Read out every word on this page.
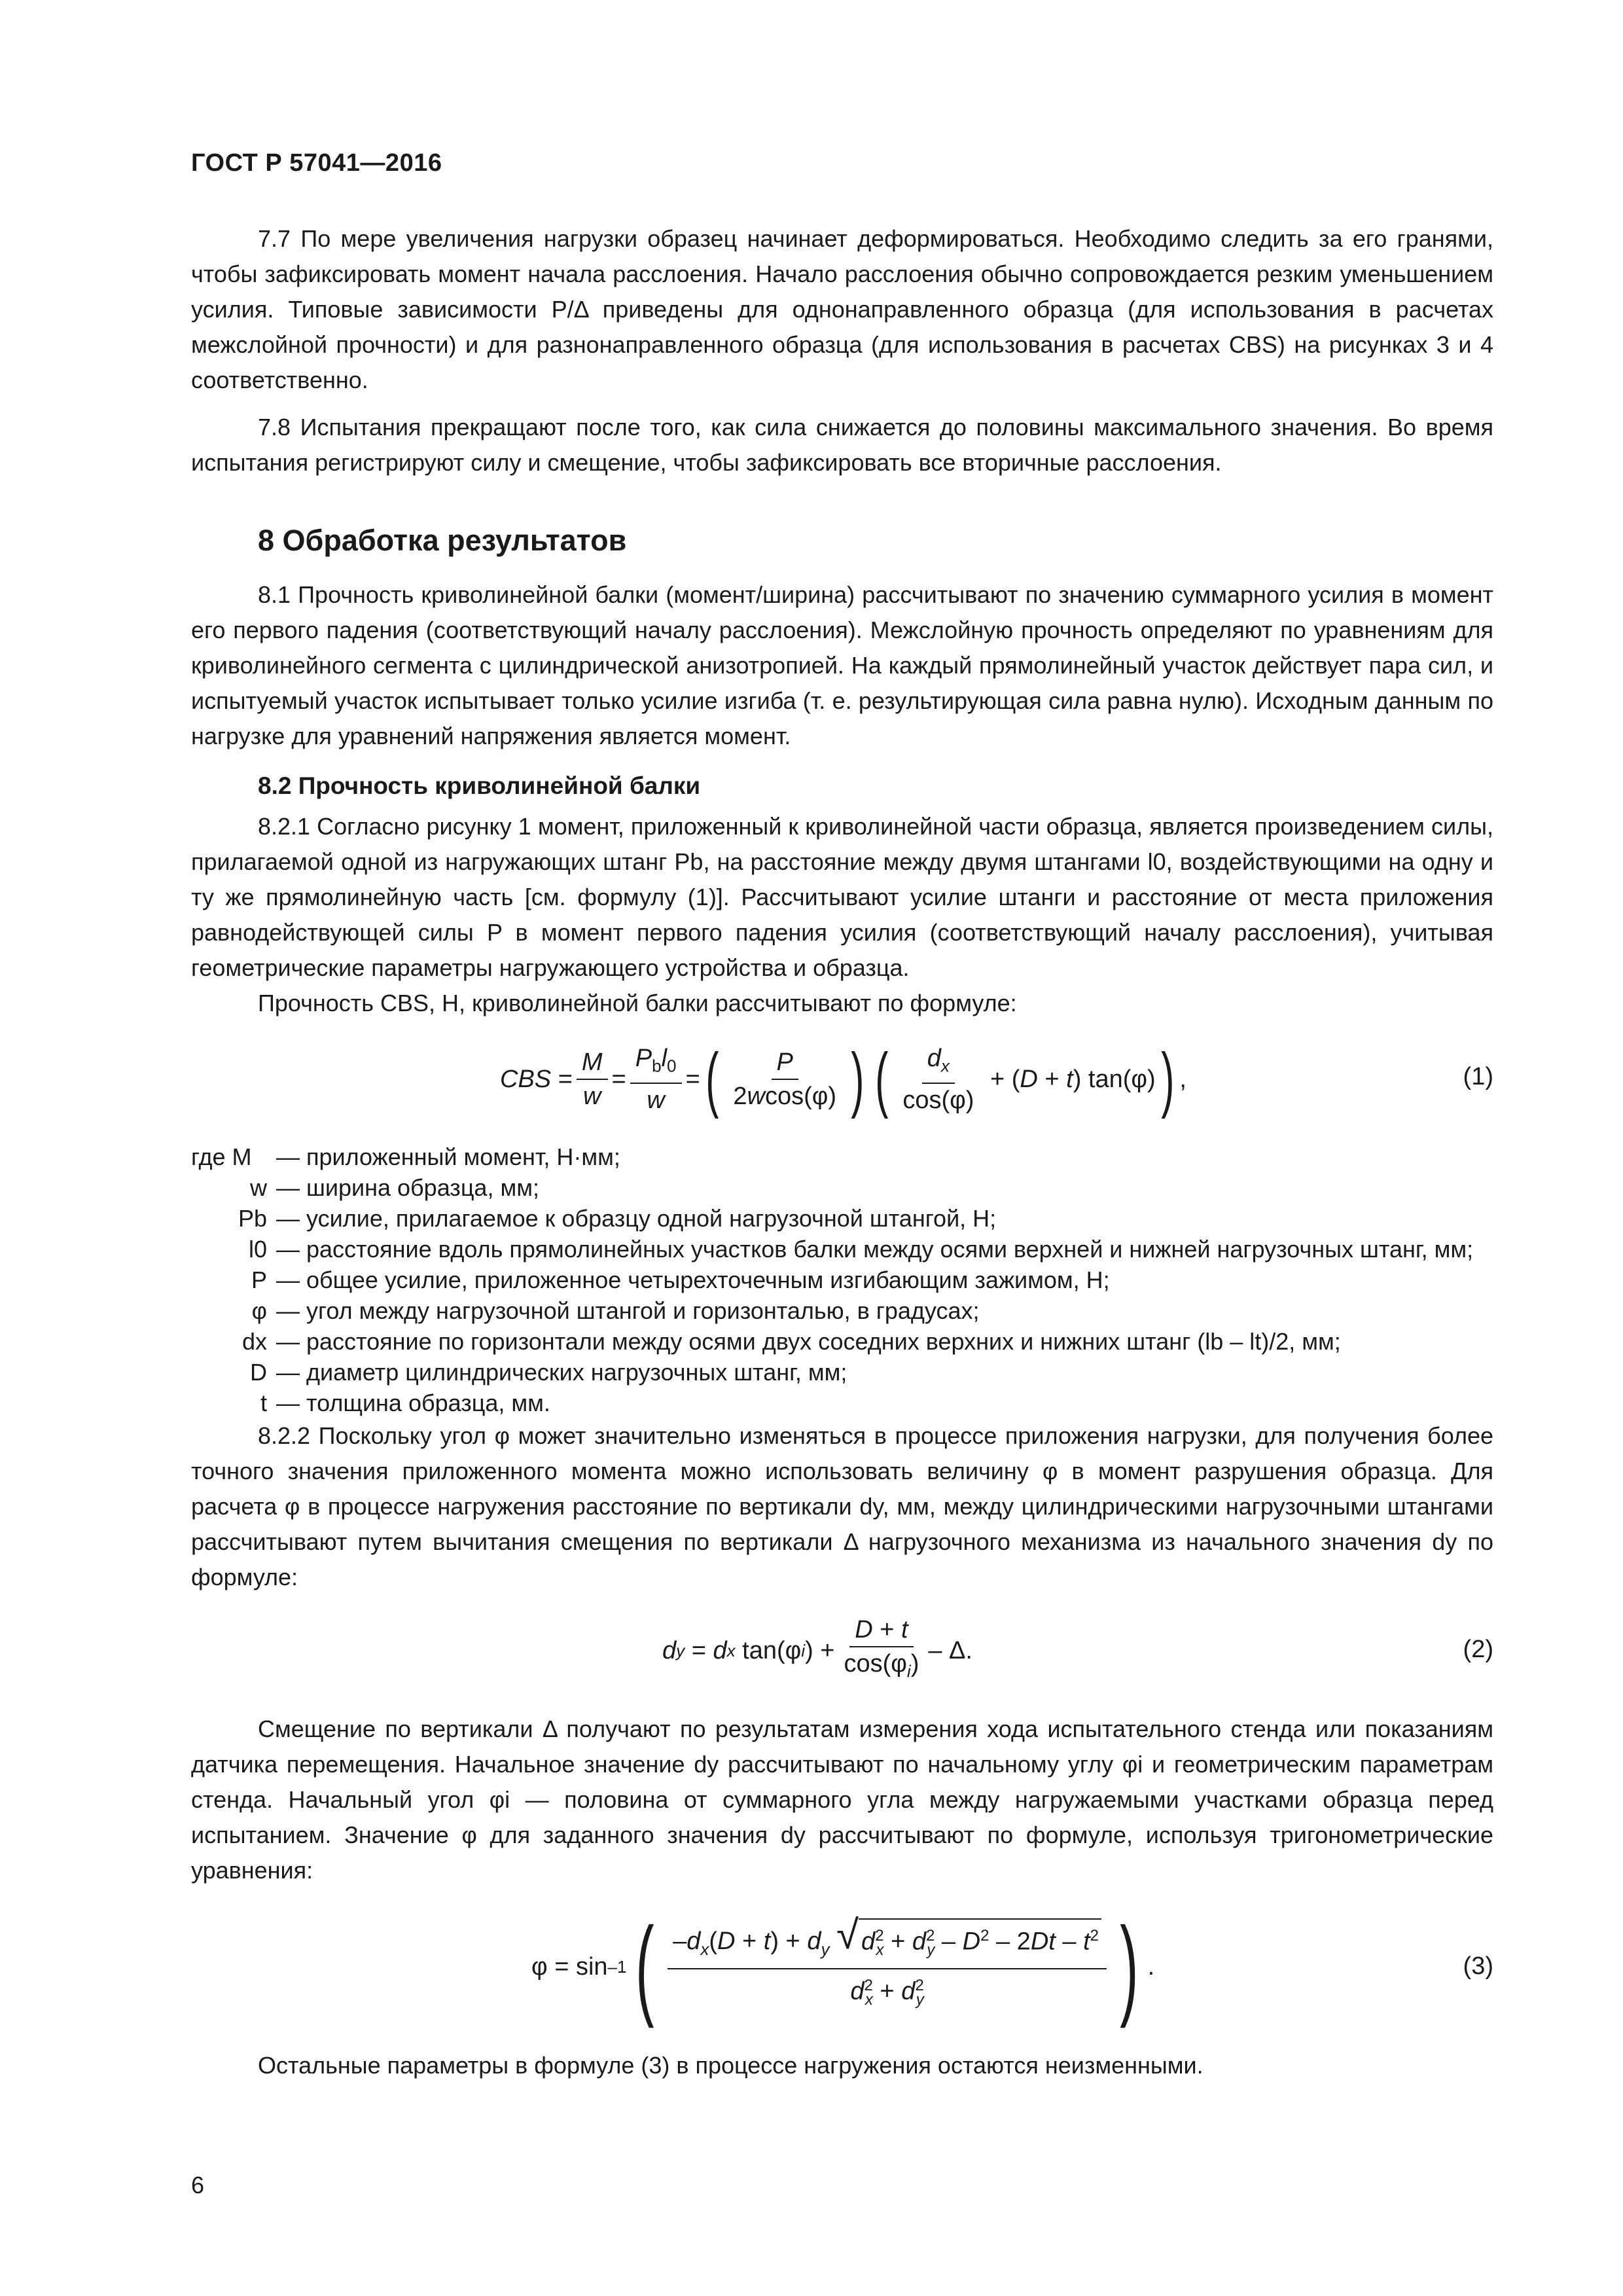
ГОСТ Р 57041—2016

7.7 По мере увеличения нагрузки образец начинает деформироваться. Необходимо следить за его гранями, чтобы зафиксировать момент начала расслоения. Начало расслоения обычно сопровождается резким уменьшением усилия. Типовые зависимости P/Δ приведены для однонаправленного образца (для использования в расчетах межслойной прочности) и для разнонаправленного образца (для использования в расчетах CBS) на рисунках 3 и 4 соответственно.

7.8 Испытания прекращают после того, как сила снижается до половины максимального значения. Во время испытания регистрируют силу и смещение, чтобы зафиксировать все вторичные расслоения.

8 Обработка результатов

8.1 Прочность криволинейной балки (момент/ширина) рассчитывают по значению суммарного усилия в момент его первого падения (соответствующий началу расслоения). Межслойную прочность определяют по уравнениям для криволинейного сегмента с цилиндрической анизотропией. На каждый прямолинейный участок действует пара сил, и испытуемый участок испытывает только усилие изгиба (т. е. результирующая сила равна нулю). Исходным данным по нагрузке для уравнений напряжения является момент.

8.2 Прочность криволинейной балки

8.2.1 Согласно рисунку 1 момент, приложенный к криволинейной части образца, является произведением силы, прилагаемой одной из нагружающих штанг Pb, на расстояние между двумя штангами l0, воздействующими на одну и ту же прямолинейную часть [см. формулу (1)]. Рассчитывают усилие штанги и расстояние от места приложения равнодействующей силы P в момент первого падения усилия (соответствующий началу расслоения), учитывая геометрические параметры нагружающего устройства и образца.

Прочность CBS, Н, криволинейной балки рассчитывают по формуле:

CBS = $\frac{M}{w} = \frac{P_bl_0}{w}$ = ( $\frac{P}{2wcos(\varphi)}$ ) ( $\frac{d_x}{\cos(\varphi)}$ + ( D + t ) tan(φ) ) ,	(1)
где M	— приложенный момент, Н·мм;
w — ширина образца, мм;
Pb — усилие, прилагаемое к образцу одной нагрузочной штангой, Н;
l0 — расстояние вдоль прямолинейных участков балки между осями верхней и нижней нагрузочных штанг, мм;
P — общее усилие, приложенное четырехточечным изгибающим зажимом, Н;
φ — угол между нагрузочной штангой и горизонталью, в градусах;
dx — расстояние по горизонтали между осями двух соседних верхних и нижних штанг (lb – lt)/2, мм;
D — диаметр цилиндрических нагрузочных штанг, мм;
t — толщина образца, мм.

8.2.2 Поскольку угол φ может значительно изменяться в процессе приложения нагрузки, для получения более точного значения приложенного момента можно использовать величину φ в момент разрушения образца. Для расчета φ в процессе нагружения расстояние по вертикали dy, мм, между цилиндрическими нагрузочными штангами рассчитывают путем вычитания смещения по вертикали Δ нагрузочного механизма из начального значения dy по формуле:

d y = d x tan(φ i ) + $\frac{D + t}{\cos(\varphi_i)}$ – Δ.	(2)

Смещение по вертикали Δ получают по результатам измерения хода испытательного стенда или показаниям датчика перемещения. Начальное значение dy рассчитывают по начальному углу φi и геометрическим параметрам стенда. Начальный угол φi — половина от суммарного угла между нагружаемыми участками образца перед испытанием. Значение φ для заданного значения dy рассчитывают по формуле, используя тригонометрические уравнения:

φ = sin –1 ( $\frac{-d_x(D + t) + d_y √ d^2_x + d^2_y - D^2 - 2Dt - t^2}{d^2_x + d^2_y}$ ) .	(3)

Остальные параметры в формуле (3) в процессе нагружения остаются неизменными.

6
